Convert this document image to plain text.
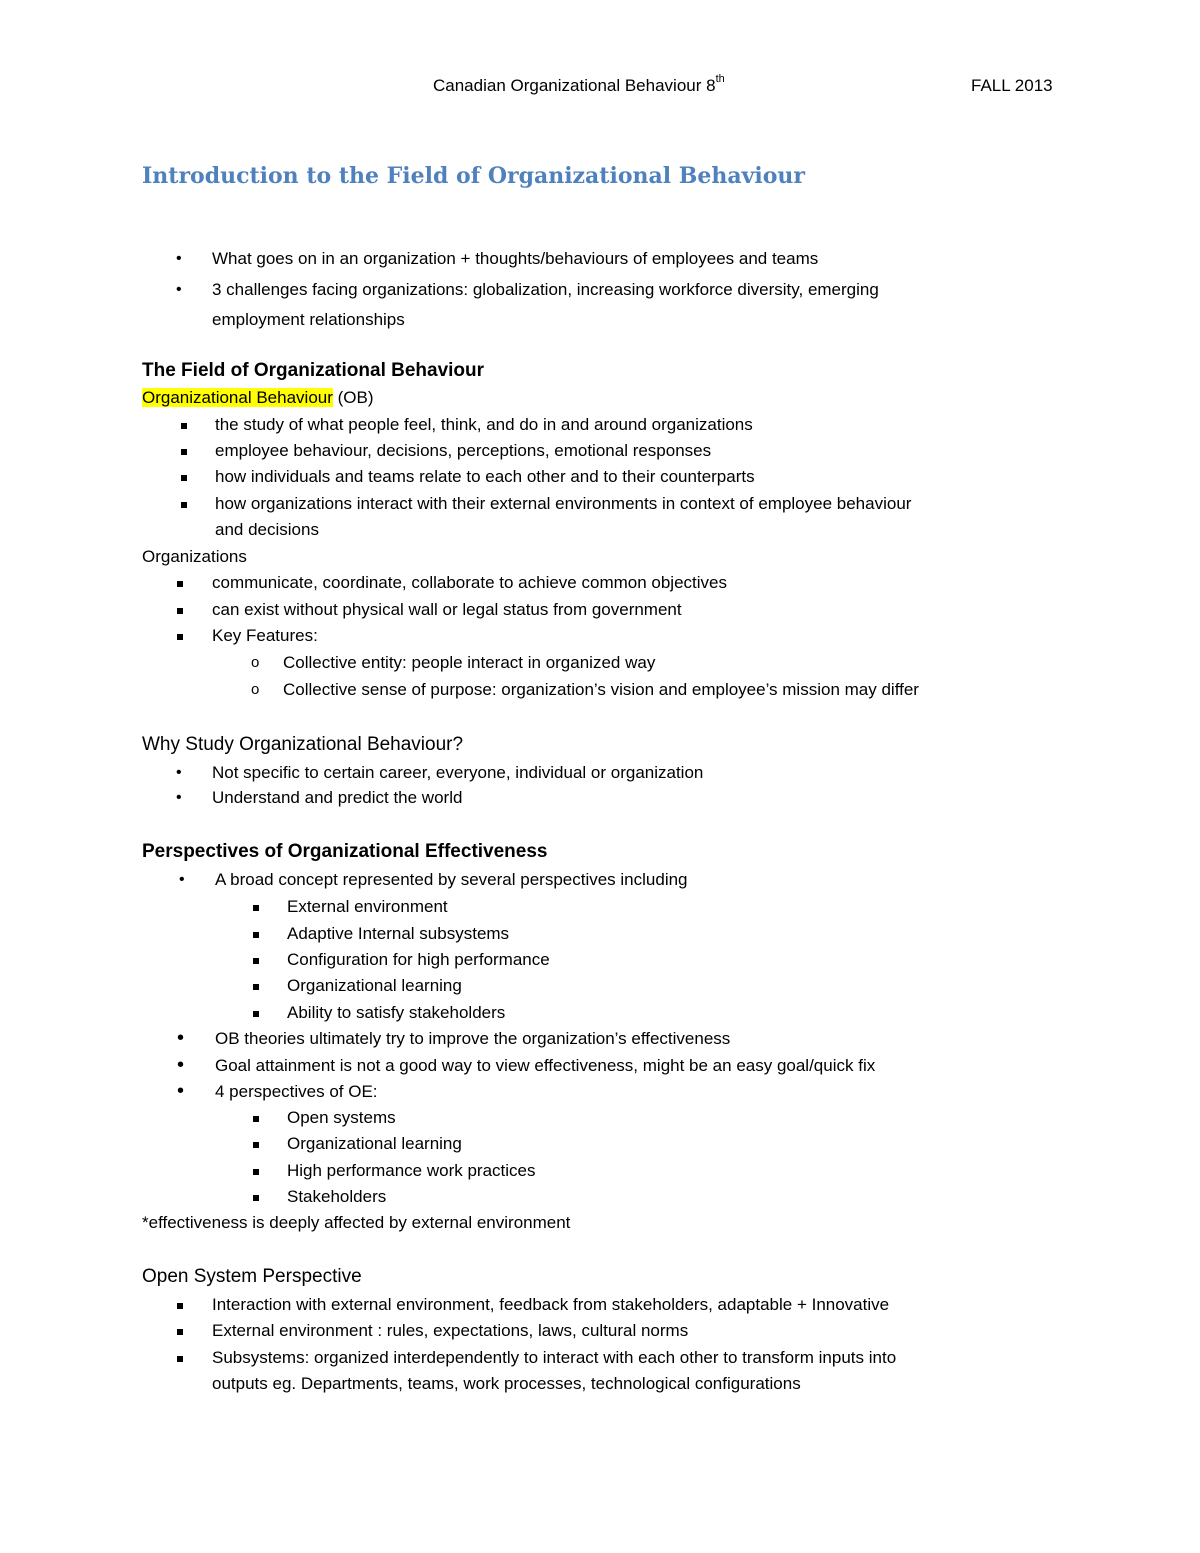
Canadian Organizational Behaviour 8th	FALL 2013
Introduction to the Field of Organizational Behaviour
• What goes on in an organization + thoughts/behaviours of employees and teams
• 3 challenges facing organizations: globalization, increasing workforce diversity, emerging
employment relationships
The Field of Organizational Behaviour
Organizational Behaviour (OB)
the study of what people feel, think, and do in and around organizations
employee behaviour, decisions, perceptions, emotional responses
how individuals and teams relate to each other and to their counterparts
how organizations interact with their external environments in context of employee behaviour
and decisions
Organizations
communicate, coordinate, collaborate to achieve common objectives
can exist without physical wall or legal status from government
Key Features:
o Collective entity: people interact in organized way
o Collective sense of purpose: organization’s vision and employee’s mission may differ
Why Study Organizational Behaviour?
• Not specific to certain career, everyone, individual or organization
• Understand and predict the world
Perspectives of Organizational Effectiveness
• A broad concept represented by several perspectives including
External environment
Adaptive Internal subsystems
Configuration for high performance
Organizational learning
Ability to satisfy stakeholders
• OB theories ultimately try to improve the organization’s effectiveness
• Goal attainment is not a good way to view effectiveness, might be an easy goal/quick fix
• 4 perspectives of OE:
Open systems
Organizational learning
High performance work practices
Stakeholders
*effectiveness is deeply affected by external environment
Open System Perspective
Interaction with external environment, feedback from stakeholders, adaptable + Innovative
External environment : rules, expectations, laws, cultural norms
Subsystems: organized interdependently to interact with each other to transform inputs into
outputs eg. Departments, teams, work processes, technological configurations
